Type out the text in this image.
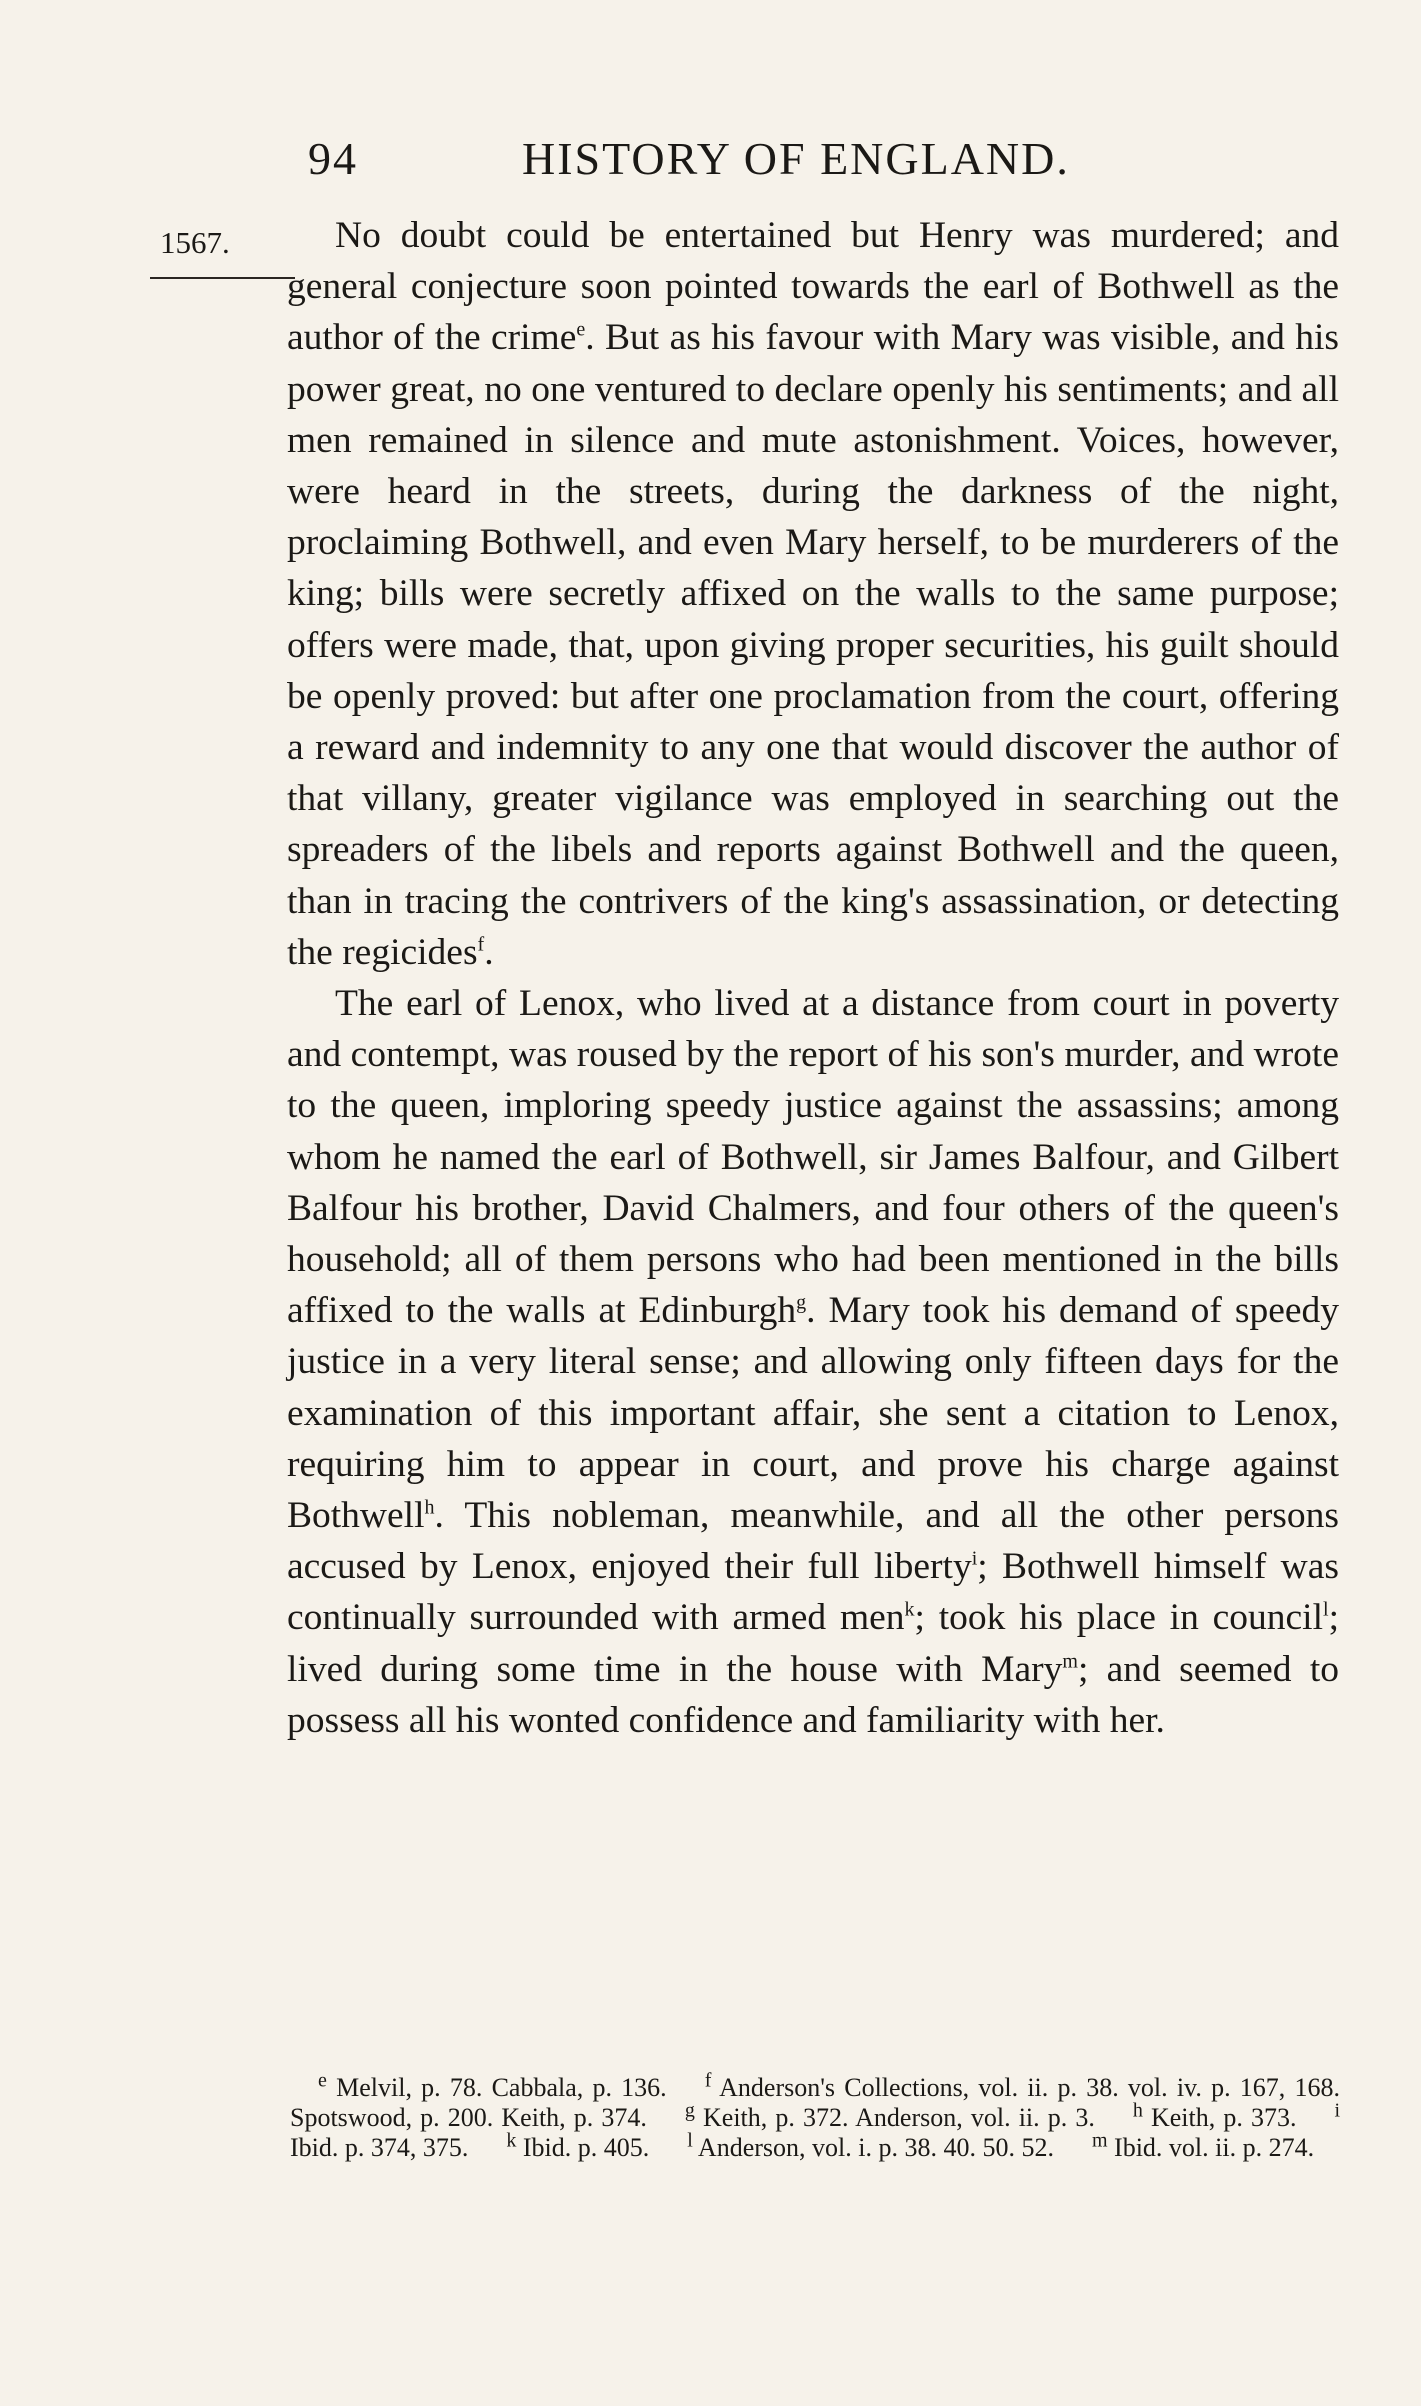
94	HISTORY OF ENGLAND.
1567.	No doubt could be entertained but Henry was murdered; and general conjecture soon pointed towards the earl of Bothwell as the author of the crime$^e$. But as his favour with Mary was visible, and his power great, no one ventured to declare openly his sentiments; and all men remained in silence and mute astonishment. Voices, however, were heard in the streets, during the darkness of the night, proclaiming Bothwell, and even Mary herself, to be murderers of the king; bills were secretly affixed on the walls to the same purpose; offers were made, that, upon giving proper securities, his guilt should be openly proved: but after one proclamation from the court, offering a reward and indemnity to any one that would discover the author of that villany, greater vigilance was employed in searching out the spreaders of the libels and reports against Bothwell and the queen, than in tracing the contrivers of the king's assassination, or detecting the regicides$^f$.

The earl of Lenox, who lived at a distance from court in poverty and contempt, was roused by the report of his son's murder, and wrote to the queen, imploring speedy justice against the assassins; among whom he named the earl of Bothwell, sir James Balfour, and Gilbert Balfour his brother, David Chalmers, and four others of the queen's household; all of them persons who had been mentioned in the bills affixed to the walls at Edinburgh$^g$. Mary took his demand of speedy justice in a very literal sense; and allowing only fifteen days for the examination of this important affair, she sent a citation to Lenox, requiring him to appear in court, and prove his charge against Bothwell$^h$. This nobleman, meanwhile, and all the other persons accused by Lenox, enjoyed their full liberty$^i$; Bothwell himself was continually surrounded with armed men$^k$; took his place in council$^l$; lived during some time in the house with Mary$^m$; and seemed to possess all his wonted confidence and familiarity with her.

$^e$ Melvil, p. 78. Cabbala, p. 136. $^f$ Anderson's Collections, vol. ii. p. 38. vol. iv. p. 167, 168. Spotswood, p. 200. Keith, p. 374. $^g$ Keith, p. 372. Anderson, vol. ii. p. 3. $^h$ Keith, p. 373. $^i$ Ibid. p. 374, 375. $^k$ Ibid. p. 405. $^l$ Anderson, vol. i. p. 38. 40. 50. 52. $^m$ Ibid. vol. ii. p. 274.
